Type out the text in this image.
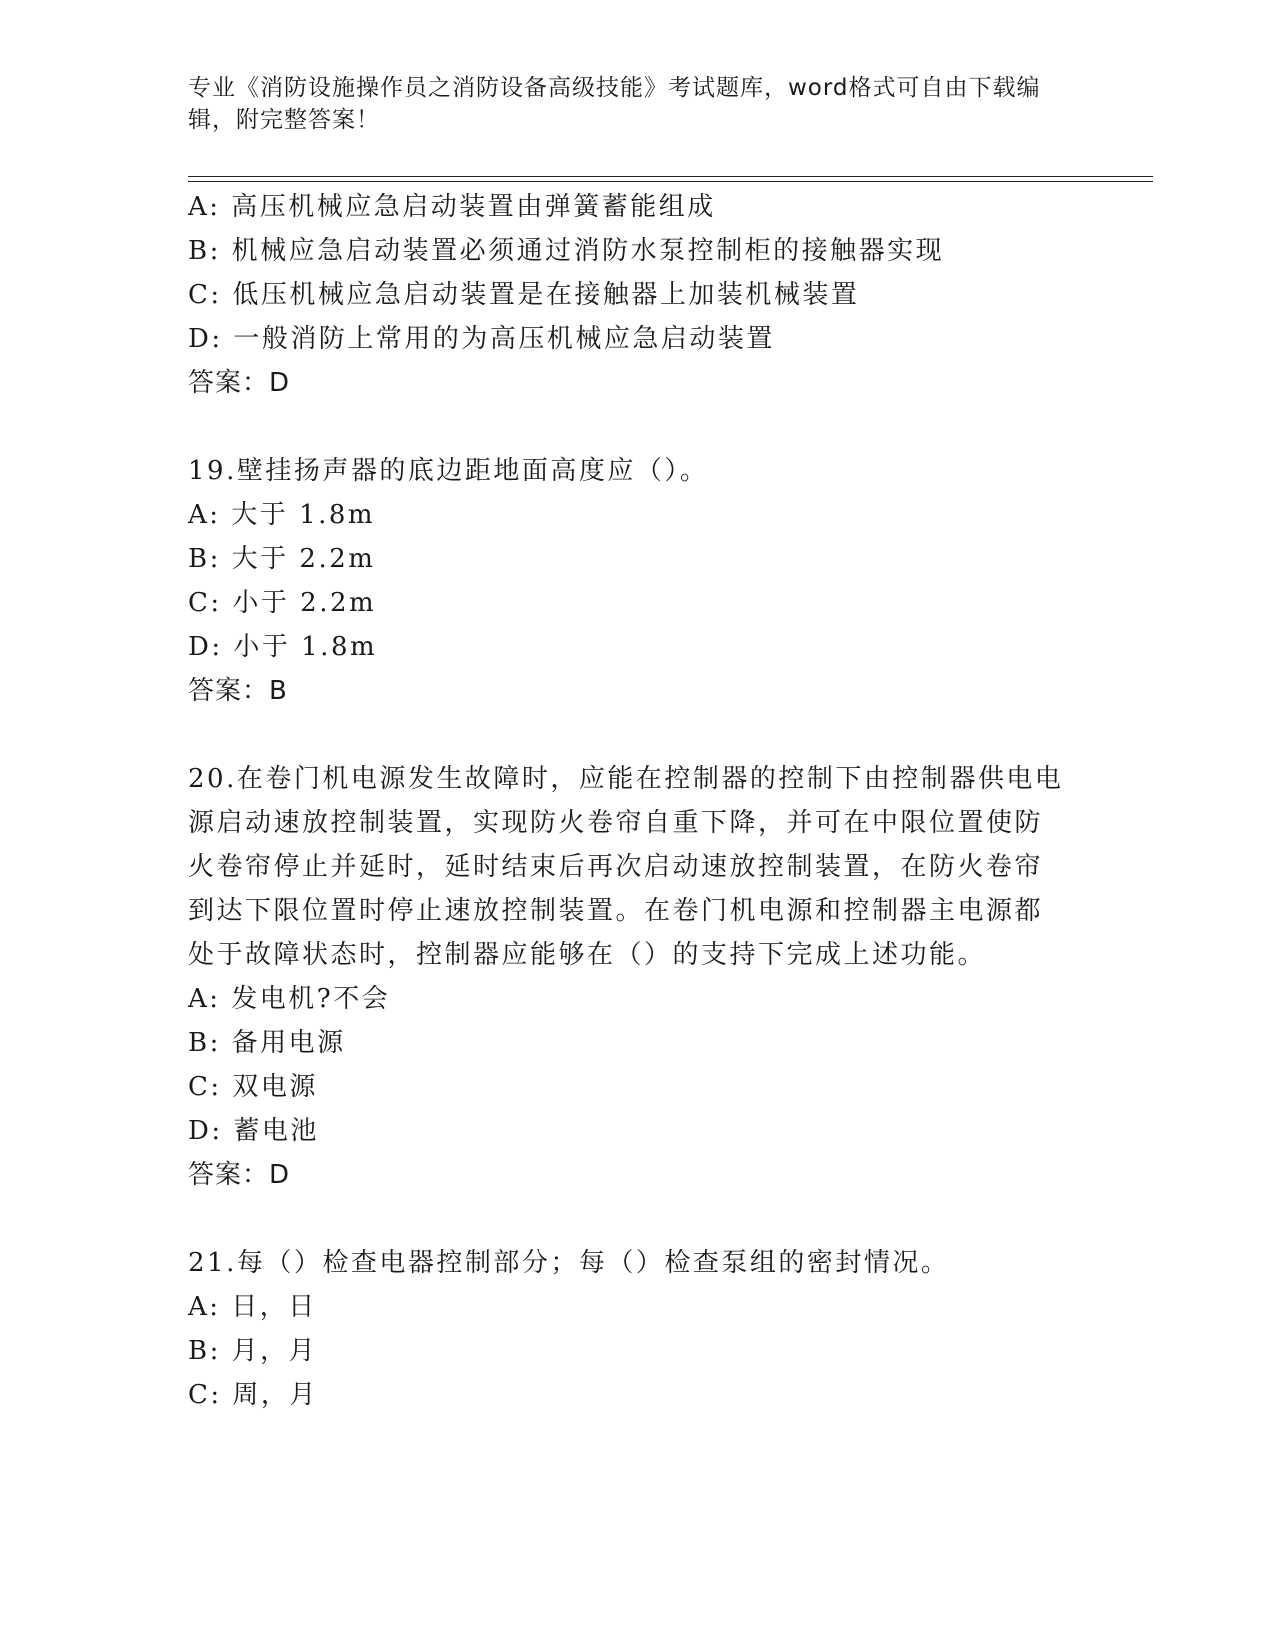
专业《消防设施操作员之消防设备高级技能》考试题库，word格式可自由下载编
辑，附完整答案！
A: 高压机械应急启动装置由弹簧蓄能组成
B: 机械应急启动装置必须通过消防水泵控制柜的接触器实现
C: 低压机械应急启动装置是在接触器上加装机械装置
D: 一般消防上常用的为高压机械应急启动装置
答案：D
19.壁挂扬声器的底边距地面高度应（）。
A: 大于 1.8m
B: 大于 2.2m
C: 小于 2.2m
D: 小于 1.8m
答案：B
20.在卷门机电源发生故障时，应能在控制器的控制下由控制器供电电
源启动速放控制装置，实现防火卷帘自重下降，并可在中限位置使防
火卷帘停止并延时，延时结束后再次启动速放控制装置，在防火卷帘
到达下限位置时停止速放控制装置。在卷门机电源和控制器主电源都
处于故障状态时，控制器应能够在（）的支持下完成上述功能。
A: 发电机?不会
B: 备用电源
C: 双电源
D: 蓄电池
答案：D
21.每（）检查电器控制部分；每（）检查泵组的密封情况。
A: 日，日
B: 月，月
C: 周，月
